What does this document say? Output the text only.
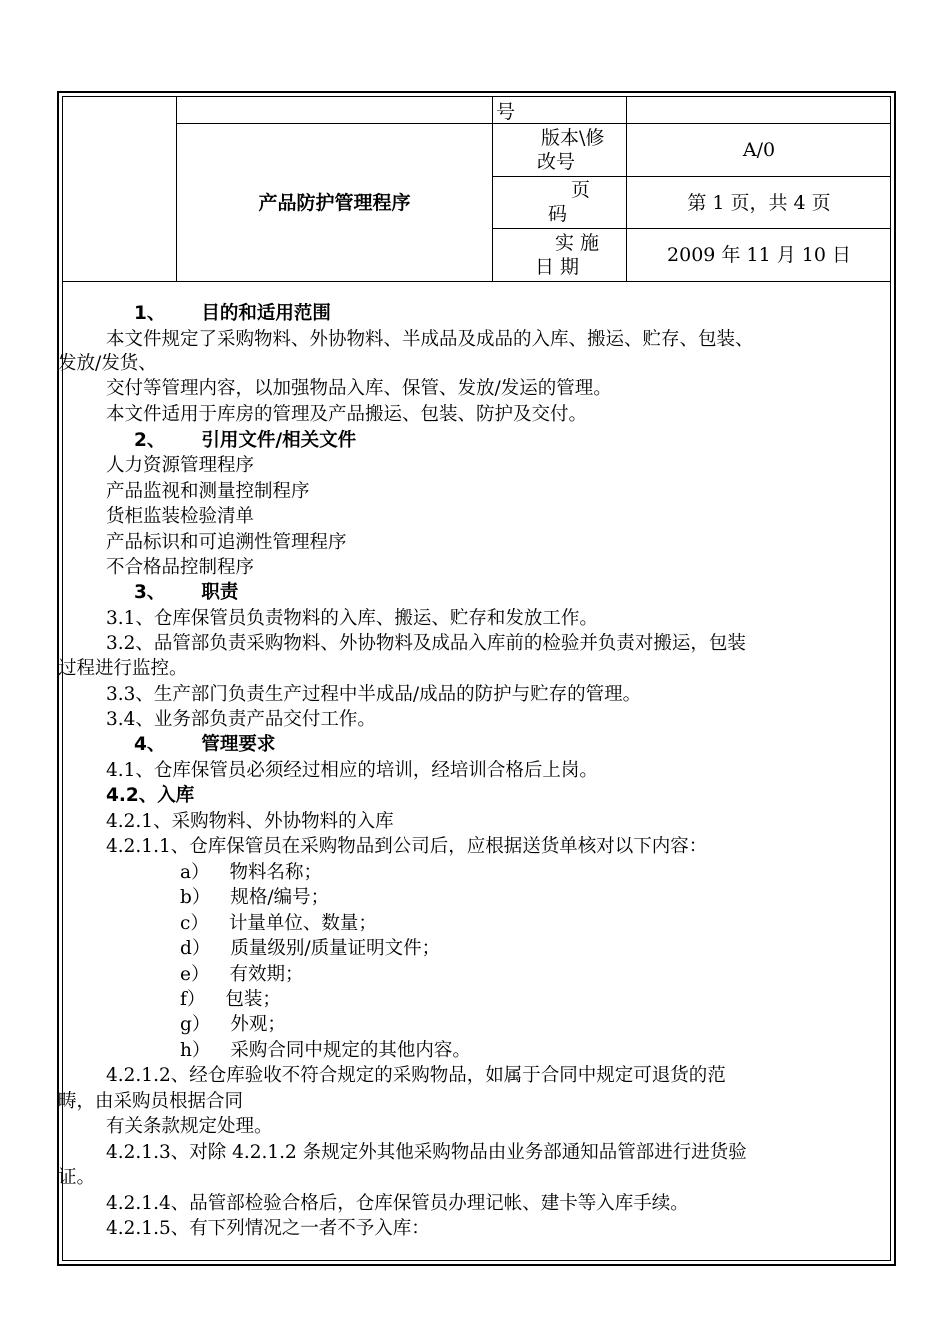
号
产品防护管理程序
版本\修
改号
A/0
页
码
第 1 页，共 4 页
实 施
日 期
2009 年 11 月 10 日
1、 目的和适用范围
本文件规定了采购物料、外协物料、半成品及成品的入库、搬运、贮存、包装、
发放/发货、
交付等管理内容，以加强物品入库、保管、发放/发运的管理。
本文件适用于库房的管理及产品搬运、包装、防护及交付。
2、 引用文件/相关文件
人力资源管理程序
产品监视和测量控制程序
货柜监装检验清单
产品标识和可追溯性管理程序
不合格品控制程序
3、 职责
3.1、仓库保管员负责物料的入库、搬运、贮存和发放工作。
3.2、品管部负责采购物料、外协物料及成品入库前的检验并负责对搬运，包装
过程进行监控。
3.3、生产部门负责生产过程中半成品/成品的防护与贮存的管理。
3.4、业务部负责产品交付工作。
4、 管理要求
4.1、仓库保管员必须经过相应的培训，经培训合格后上岗。
4.2、入库
4.2.1、采购物料、外协物料的入库
4.2.1.1、仓库保管员在采购物品到公司后，应根据送货单核对以下内容：
a） 物料名称；
b） 规格/编号；
c） 计量单位、数量；
d） 质量级别/质量证明文件；
e） 有效期；
f） 包装；
g） 外观；
h） 采购合同中规定的其他内容。
4.2.1.2、经仓库验收不符合规定的采购物品，如属于合同中规定可退货的范
畴，由采购员根据合同
有关条款规定处理。
4.2.1.3、对除 4.2.1.2 条规定外其他采购物品由业务部通知品管部进行进货验
证。
4.2.1.4、品管部检验合格后，仓库保管员办理记帐、建卡等入库手续。
4.2.1.5、有下列情况之一者不予入库：
